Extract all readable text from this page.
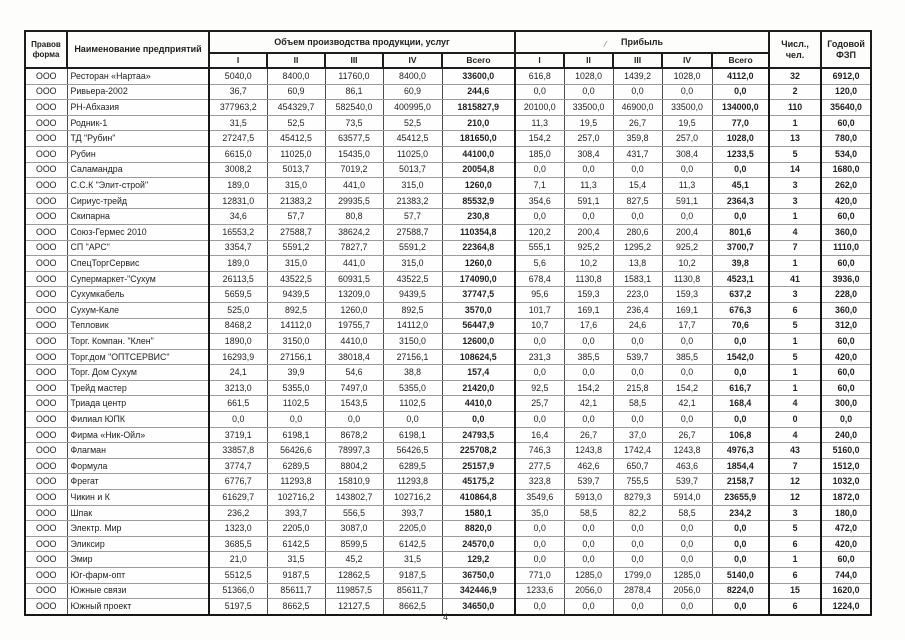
Правов форма	Наименование предприятий	Объем производства продукции, услуг					/ Прибыль					Числ., чел.	Годовой ФЗП
		I	II	III	IV	Всего	I	II	III	IV	Всего		
ООО	Ресторан «Нартаа»	5040,0	8400,0	11760,0	8400,0	33600,0	616,8	1028,0	1439,2	1028,0	4112,0	32	6912,0
ООО	Ривьера-2002	36,7	60,9	86,1	60,9	244,6	0,0	0,0	0,0	0,0	0,0	2	120,0
ООО	РН-Абхазия	377963,2	454329,7	582540,0	400995,0	1815827,9	20100,0	33500,0	46900,0	33500,0	134000,0	110	35640,0
ООО	Родник-1	31,5	52,5	73,5	52,5	210,0	11,3	19,5	26,7	19,5	77,0	1	60,0
ООО	ТД "Рубин"	27247,5	45412,5	63577,5	45412,5	181650,0	154,2	257,0	359,8	257,0	1028,0	13	780,0
ООО	Рубин	6615,0	11025,0	15435,0	11025,0	44100,0	185,0	308,4	431,7	308,4	1233,5	5	534,0
ООО	Саламандра	3008,2	5013,7	7019,2	5013,7	20054,8	0,0	0,0	0,0	0,0	0,0	14	1680,0
ООО	С.С.К "Элит-строй"	189,0	315,0	441,0	315,0	1260,0	7,1	11,3	15,4	11,3	45,1	3	262,0
ООО	Сириус-трейд	12831,0	21383,2	29935,5	21383,2	85532,9	354,6	591,1	827,5	591,1	2364,3	3	420,0
ООО	Скипарна	34,6	57,7	80,8	57,7	230,8	0,0	0,0	0,0	0,0	0,0	1	60,0
ООО	Союз-Гермес 2010	16553,2	27588,7	38624,2	27588,7	110354,8	120,2	200,4	280,6	200,4	801,6	4	360,0
ООО	СП "АРС"	3354,7	5591,2	7827,7	5591,2	22364,8	555,1	925,2	1295,2	925,2	3700,7	7	1110,0
ООО	СпецТоргСервис	189,0	315,0	441,0	315,0	1260,0	5,6	10,2	13,8	10,2	39,8	1	60,0
ООО	Супермаркет-"Сухум	26113,5	43522,5	60931,5	43522,5	174090,0	678,4	1130,8	1583,1	1130,8	4523,1	41	3936,0
ООО	Сухумкабель	5659,5	9439,5	13209,0	9439,5	37747,5	95,6	159,3	223,0	159,3	637,2	3	228,0
ООО	Сухум-Кале	525,0	892,5	1260,0	892,5	3570,0	101,7	169,1	236,4	169,1	676,3	6	360,0
ООО	Тепловик	8468,2	14112,0	19755,7	14112,0	56447,9	10,7	17,6	24,6	17,7	70,6	5	312,0
ООО	Торг. Компан. "Клен"	1890,0	3150,0	4410,0	3150,0	12600,0	0,0	0,0	0,0	0,0	0,0	1	60,0
ООО	Торг.дом "ОПТСЕРВИС"	16293,9	27156,1	38018,4	27156,1	108624,5	231,3	385,5	539,7	385,5	1542,0	5	420,0
ООО	Торг. Дом Сухум	24,1	39,9	54,6	38,8	157,4	0,0	0,0	0,0	0,0	0,0	1	60,0
ООО	Трейд мастер	3213,0	5355,0	7497,0	5355,0	21420,0	92,5	154,2	215,8	154,2	616,7	1	60,0
ООО	Триада центр	661,5	1102,5	1543,5	1102,5	4410,0	25,7	42,1	58,5	42,1	168,4	4	300,0
ООО	Филиал ЮПК	0,0	0,0	0,0	0,0	0,0	0,0	0,0	0,0	0,0	0,0	0	0,0
ООО	Фирма «Ник-Ойл»	3719,1	6198,1	8678,2	6198,1	24793,5	16,4	26,7	37,0	26,7	106,8	4	240,0
ООО	Флагман	33857,8	56426,6	78997,3	56426,5	225708,2	746,3	1243,8	1742,4	1243,8	4976,3	43	5160,0
ООО	Формула	3774,7	6289,5	8804,2	6289,5	25157,9	277,5	462,6	650,7	463,6	1854,4	7	1512,0
ООО	Фрегат	6776,7	11293,8	15810,9	11293,8	45175,2	323,8	539,7	755,5	539,7	2158,7	12	1032,0
ООО	Чикин и К	61629,7	102716,2	143802,7	102716,2	410864,8	3549,6	5913,0	8279,3	5914,0	23655,9	12	1872,0
ООО	Шпак	236,2	393,7	556,5	393,7	1580,1	35,0	58,5	82,2	58,5	234,2	3	180,0
ООО	Электр. Мир	1323,0	2205,0	3087,0	2205,0	8820,0	0,0	0,0	0,0	0,0	0,0	5	472,0
ООО	Эликсир	3685,5	6142,5	8599,5	6142,5	24570,0	0,0	0,0	0,0	0,0	0,0	6	420,0
ООО	Эмир	21,0	31,5	45,2	31,5	129,2	0,0	0,0	0,0	0,0	0,0	1	60,0
ООО	Юг-фарм-опт	5512,5	9187,5	12862,5	9187,5	36750,0	771,0	1285,0	1799,0	1285,0	5140,0	6	744,0
ООО	Южные связи	51366,0	85611,7	119857,5	85611,7	342446,9	1233,6	2056,0	2878,4	2056,0	8224,0	15	1620,0
ООО	Южный проект	5197,5	8662,5	12127,5	8662,5	34650,0	0,0	0,0	0,0	0,0	0,0	6	1224,0
4
